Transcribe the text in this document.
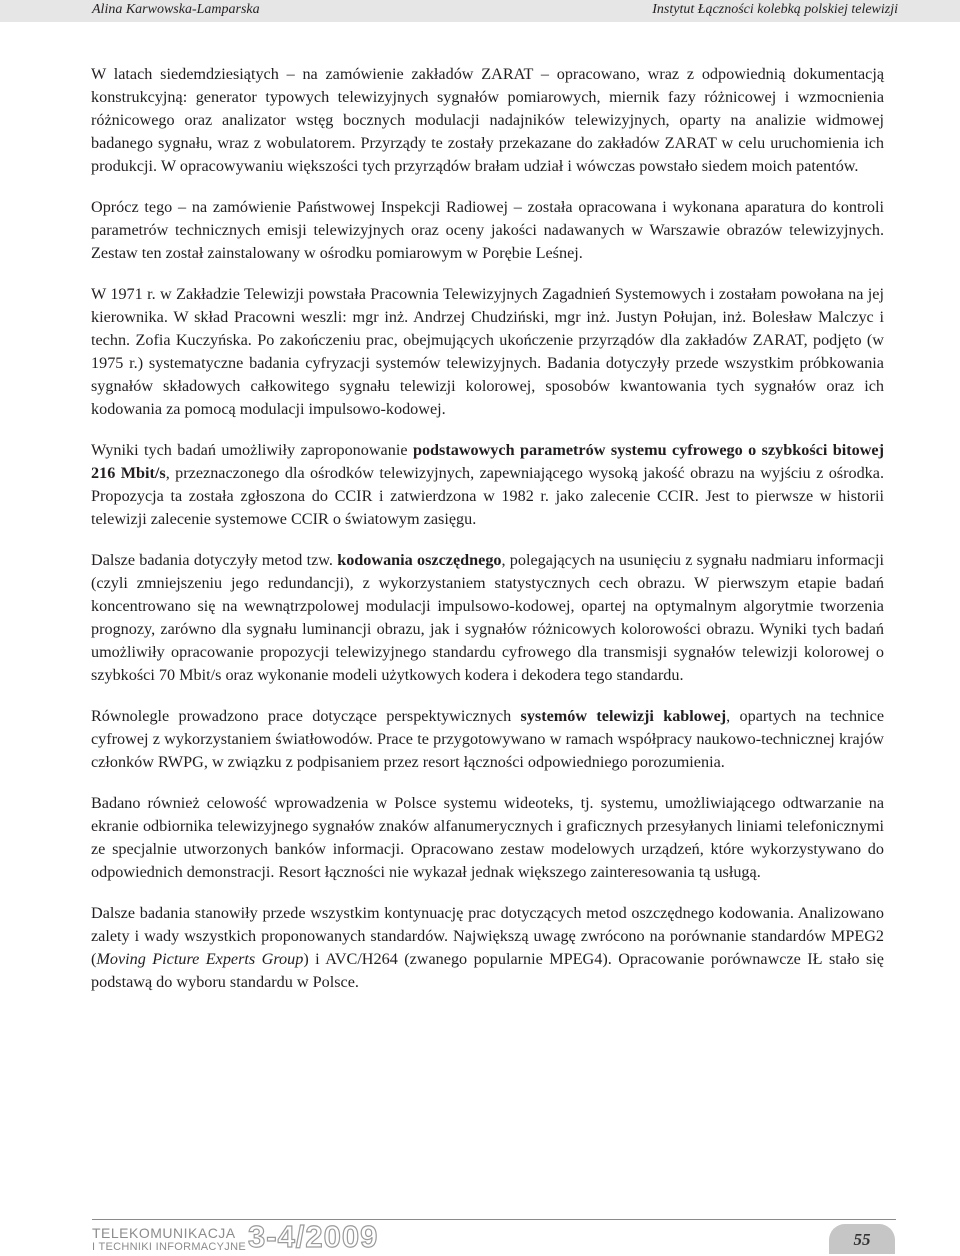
Alina Karwowska-Lamparska	Instytut Łączności kolebką polskiej telewizji

W latach siedemdziesiątych – na zamówienie zakładów ZARAT – opracowano, wraz z odpowiednią dokumentacją konstrukcyjną: generator typowych telewizyjnych sygnałów pomiarowych, miernik fazy różnicowej i wzmocnienia różnicowego oraz analizator wstęg bocznych modulacji nadajników telewizyjnych, oparty na analizie widmowej badanego sygnału, wraz z wobulatorem. Przyrządy te zostały przekazane do zakładów ZARAT w celu uruchomienia ich produkcji. W opracowywaniu większości tych przyrządów brałam udział i wówczas powstało siedem moich patentów.

Oprócz tego – na zamówienie Państwowej Inspekcji Radiowej – została opracowana i wykonana aparatura do kontroli parametrów technicznych emisji telewizyjnych oraz oceny jakości nadawanych w Warszawie obrazów telewizyjnych. Zestaw ten został zainstalowany w ośrodku pomiarowym w Porębie Leśnej.

W 1971 r. w Zakładzie Telewizji powstała Pracownia Telewizyjnych Zagadnień Systemowych i zostałam powołana na jej kierownika. W skład Pracowni weszli: mgr inż. Andrzej Chudziński, mgr inż. Justyn Połujan, inż. Bolesław Malczyc i techn. Zofia Kuczyńska. Po zakończeniu prac, obejmujących ukończenie przyrządów dla zakładów ZARAT, podjęto (w 1975 r.) systematyczne badania cyfryzacji systemów telewizyjnych. Badania dotyczyły przede wszystkim próbkowania sygnałów składowych całkowitego sygnału telewizji kolorowej, sposobów kwantowania tych sygnałów oraz ich kodowania za pomocą modulacji impulsowo-kodowej.

Wyniki tych badań umożliwiły zaproponowanie podstawowych parametrów systemu cyfrowego o szybkości bitowej 216 Mbit/s, przeznaczonego dla ośrodków telewizyjnych, zapewniającego wysoką jakość obrazu na wyjściu z ośrodka. Propozycja ta została zgłoszona do CCIR i zatwierdzona w 1982 r. jako zalecenie CCIR. Jest to pierwsze w historii telewizji zalecenie systemowe CCIR o światowym zasięgu.

Dalsze badania dotyczyły metod tzw. kodowania oszczędnego, polegających na usunięciu z sygnału nadmiaru informacji (czyli zmniejszeniu jego redundancji), z wykorzystaniem statystycznych cech obrazu. W pierwszym etapie badań koncentrowano się na wewnątrzpolowej modulacji impulsowo-kodowej, opartej na optymalnym algorytmie tworzenia prognozy, zarówno dla sygnału luminancji obrazu, jak i sygnałów różnicowych kolorowości obrazu. Wyniki tych badań umożliwiły opracowanie propozycji telewizyjnego standardu cyfrowego dla transmisji sygnałów telewizji kolorowej o szybkości 70 Mbit/s oraz wykonanie modeli użytkowych kodera i dekodera tego standardu.

Równolegle prowadzono prace dotyczące perspektywicznych systemów telewizji kablowej, opartych na technice cyfrowej z wykorzystaniem światłowodów. Prace te przygotowywano w ramach współpracy naukowo-technicznej krajów członków RWPG, w związku z podpisaniem przez resort łączności odpowiedniego porozumienia.

Badano również celowość wprowadzenia w Polsce systemu wideoteks, tj. systemu, umożliwiającego odtwarzanie na ekranie odbiornika telewizyjnego sygnałów znaków alfanumerycznych i graficznych przesyłanych liniami telefonicznymi ze specjalnie utworzonych banków informacji. Opracowano zestaw modelowych urządzeń, które wykorzystywano do odpowiednich demonstracji. Resort łączności nie wykazał jednak większego zainteresowania tą usługą.

Dalsze badania stanowiły przede wszystkim kontynuację prac dotyczących metod oszczędnego kodowania. Analizowano zalety i wady wszystkich proponowanych standardów. Największą uwagę zwrócono na porównanie standardów MPEG2 (Moving Picture Experts Group) i AVC/H264 (zwanego popularnie MPEG4). Opracowanie porównawcze IŁ stało się podstawą do wyboru standardu w Polsce.

TELEKOMUNIKACJA
I TECHNIKI INFORMACYJNE 3-4/2009	55
